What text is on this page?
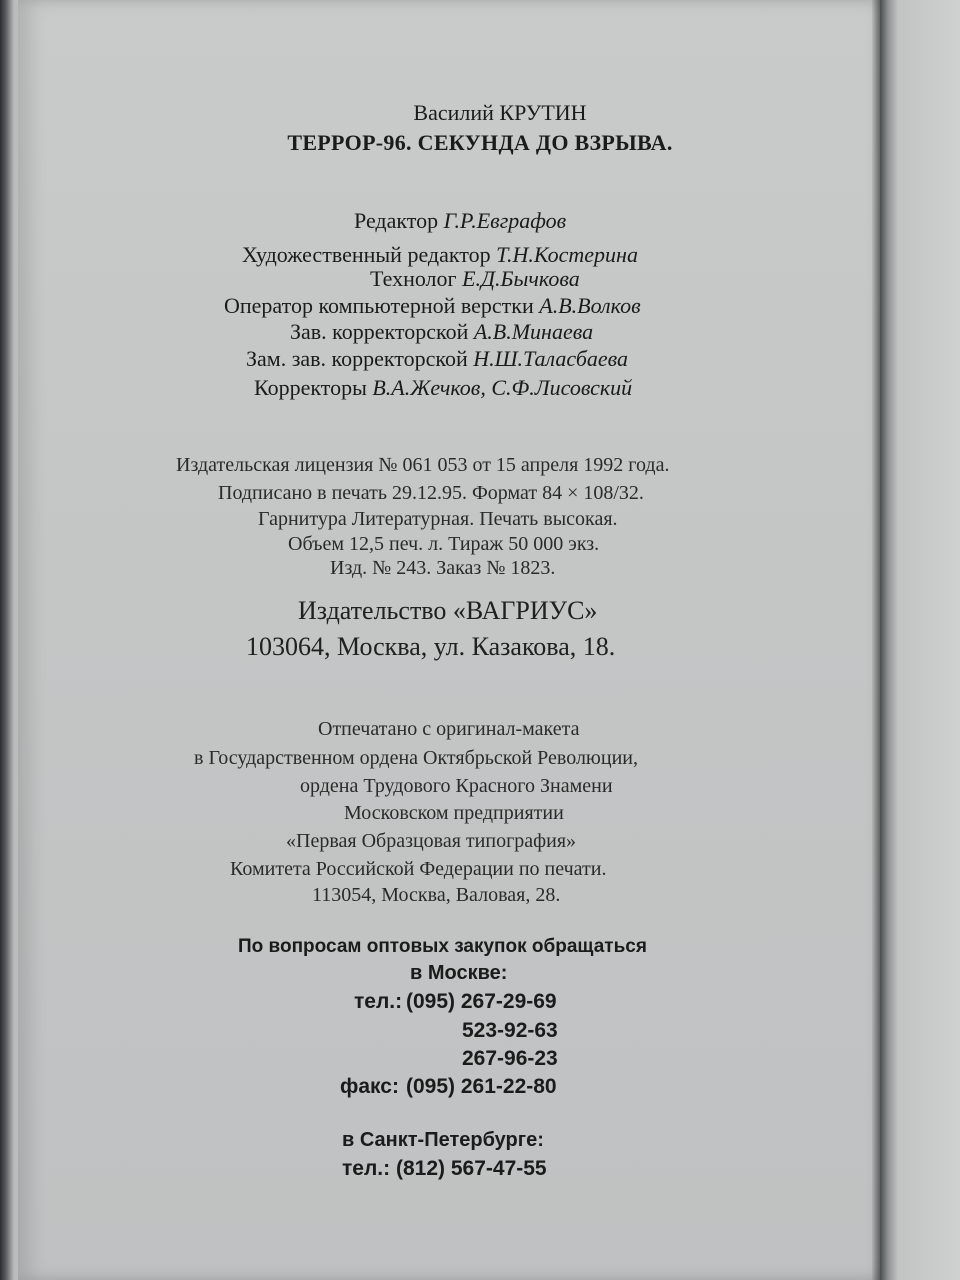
Василий КРУТИН
ТЕРРОР-96. СЕКУНДА ДО ВЗРЫВА.
Редактор Г.Р.Евграфов
Художественный редактор Т.Н.Костерина
Технолог Е.Д.Бычкова
Оператор компьютерной верстки А.В.Волков
Зав. корректорской А.В.Минаева
Зам. зав. корректорской Н.Ш.Таласбаева
Корректоры В.А.Жечков, С.Ф.Лисовский
Издательская лицензия № 061 053 от 15 апреля 1992 года.
Подписано в печать 29.12.95. Формат 84 × 108/32.
Гарнитура Литературная. Печать высокая.
Объем 12,5 печ. л. Тираж 50 000 экз.
Изд. № 243. Заказ № 1823.
Издательство «ВАГРИУС»
103064, Москва, ул. Казакова, 18.
Отпечатано с оригинал-макета
в Государственном ордена Октябрьской Революции,
ордена Трудового Красного Знамени
Московском предприятии
«Первая Образцовая типография»
Комитета Российской Федерации по печати.
113054, Москва, Валовая, 28.
По вопросам оптовых закупок обращаться
в Москве:
тел.: (095) 267-29-69
523-92-63
267-96-23
факс: (095) 261-22-80
в Санкт-Петербурге:
тел.: (812) 567-47-55
